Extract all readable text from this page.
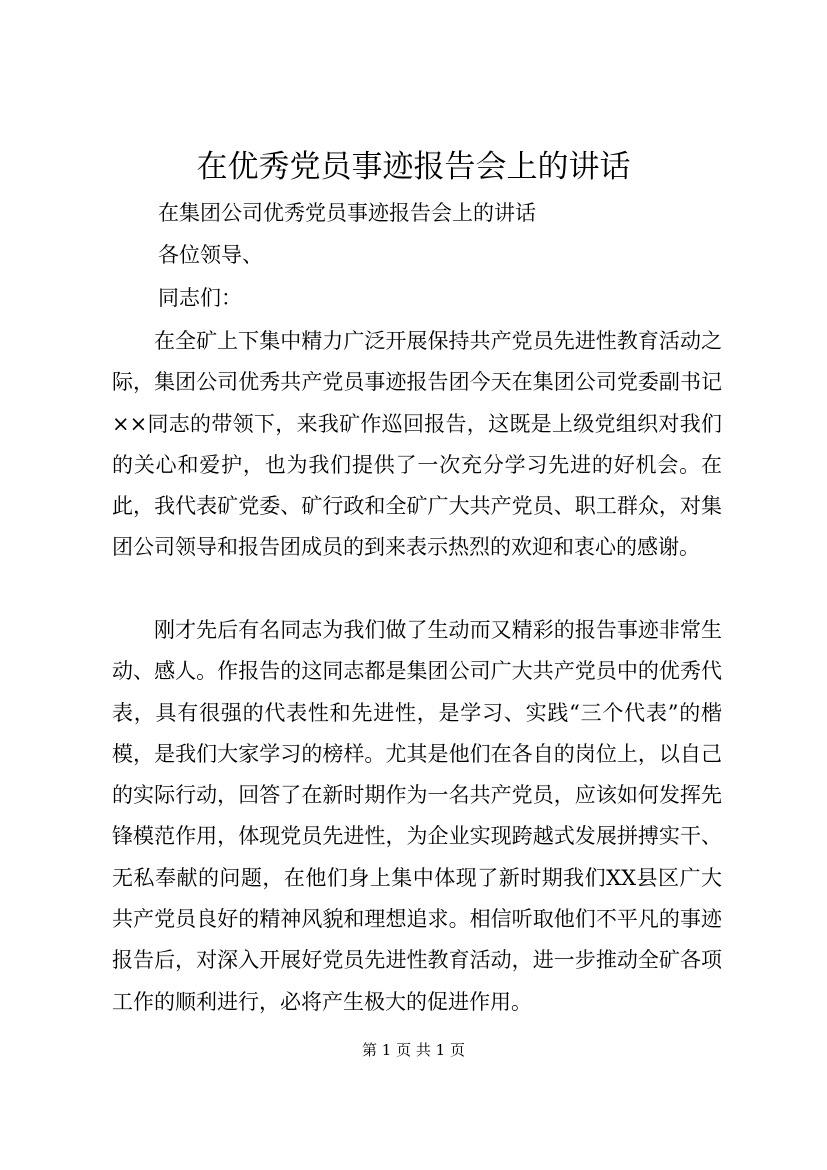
在优秀党员事迹报告会上的讲话

在集团公司优秀党员事迹报告会上的讲话

各位领导、

同志们：

在全矿上下集中精力广泛开展保持共产党员先进性教育活动之际，集团公司优秀共产党员事迹报告团今天在集团公司党委副书记××同志的带领下，来我矿作巡回报告，这既是上级党组织对我们的关心和爱护，也为我们提供了一次充分学习先进的好机会。在此，我代表矿党委、矿行政和全矿广大共产党员、职工群众，对集团公司领导和报告团成员的到来表示热烈的欢迎和衷心的感谢。

刚才先后有名同志为我们做了生动而又精彩的报告事迹非常生动、感人。作报告的这同志都是集团公司广大共产党员中的优秀代表，具有很强的代表性和先进性，是学习、实践“三个代表”的楷模，是我们大家学习的榜样。尤其是他们在各自的岗位上，以自己的实际行动，回答了在新时期作为一名共产党员，应该如何发挥先锋模范作用，体现党员先进性，为企业实现跨越式发展拼搏实干、无私奉献的问题，在他们身上集中体现了新时期我们XX县区广大共产党员良好的精神风貌和理想追求。相信听取他们不平凡的事迹报告后，对深入开展好党员先进性教育活动，进一步推动全矿各项工作的顺利进行，必将产生极大的促进作用。

第 1 页 共 1 页
